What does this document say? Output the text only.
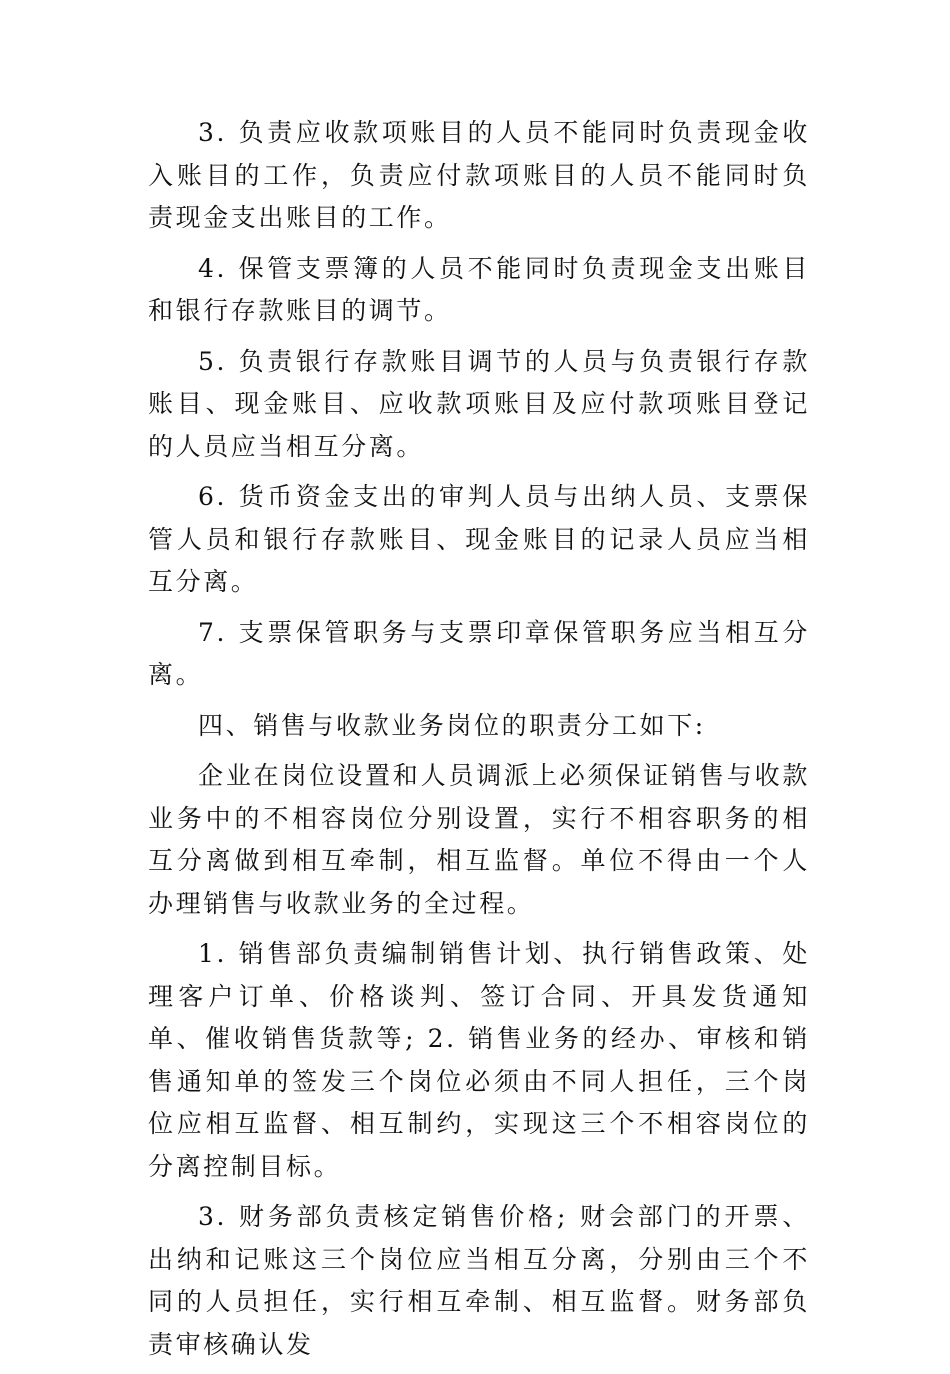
3. 负责应收款项账目的人员不能同时负责现金收入账目的工作，负责应付款项账目的人员不能同时负责现金支出账目的工作。

4. 保管支票簿的人员不能同时负责现金支出账目和银行存款账目的调节。

5. 负责银行存款账目调节的人员与负责银行存款账目、现金账目、应收款项账目及应付款项账目登记的人员应当相互分离。

6. 货币资金支出的审判人员与出纳人员、支票保管人员和银行存款账目、现金账目的记录人员应当相互分离。

7. 支票保管职务与支票印章保管职务应当相互分离。

四、销售与收款业务岗位的职责分工如下:

企业在岗位设置和人员调派上必须保证销售与收款业务中的不相容岗位分别设置，实行不相容职务的相互分离做到相互牵制，相互监督。单位不得由一个人办理销售与收款业务的全过程。

1. 销售部负责编制销售计划、执行销售政策、处理客户订单、价格谈判、签订合同、开具发货通知单、催收销售货款等; 2. 销售业务的经办、审核和销售通知单的签发三个岗位必须由不同人担任，三个岗位应相互监督、相互制约，实现这三个不相容岗位的分离控制目标。

3. 财务部负责核定销售价格; 财会部门的开票、出纳和记账这三个岗位应当相互分离，分别由三个不同的人员担任，实行相互牵制、相互监督。财务部负责审核确认发
